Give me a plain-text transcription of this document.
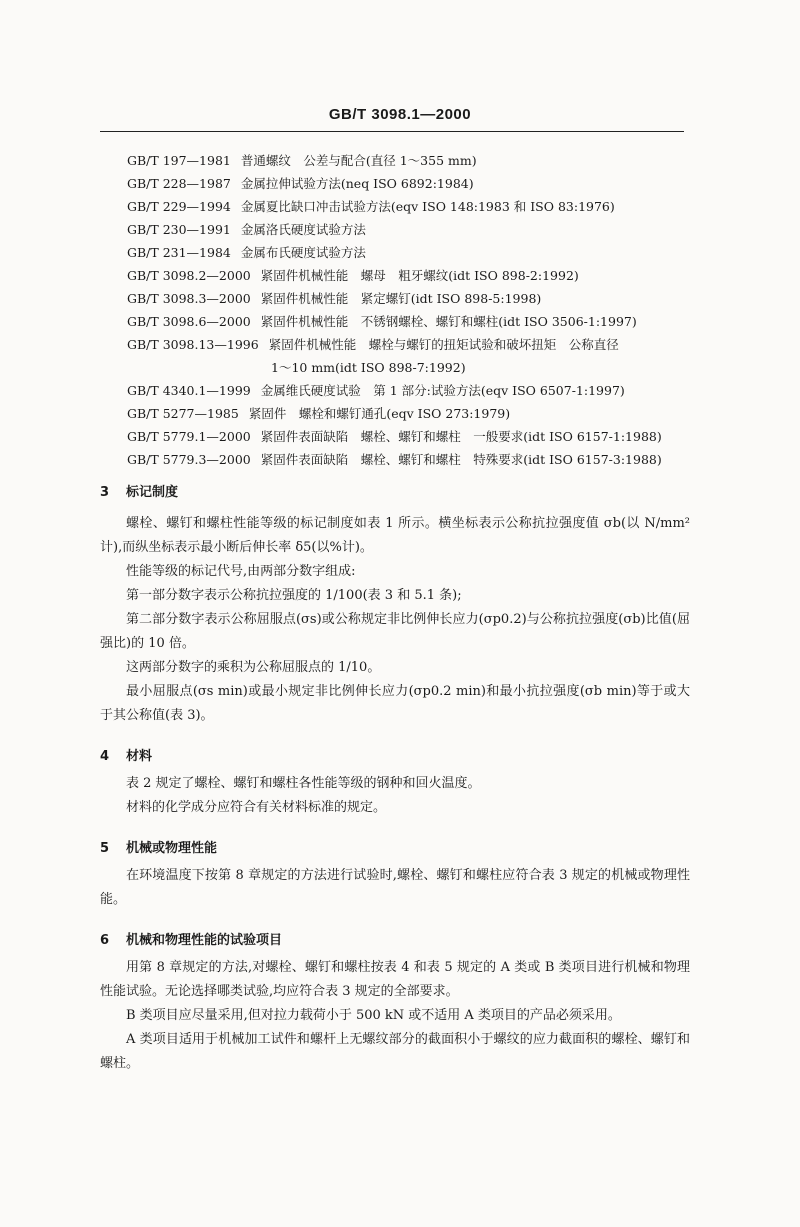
GB/T 3098.1—2000
GB/T 197—1981 普通螺纹　公差与配合(直径 1～355 mm)
GB/T 228—1987 金属拉伸试验方法(neq ISO 6892:1984)
GB/T 229—1994 金属夏比缺口冲击试验方法(eqv ISO 148:1983 和 ISO 83:1976)
GB/T 230—1991 金属洛氏硬度试验方法
GB/T 231—1984 金属布氏硬度试验方法
GB/T 3098.2—2000 紧固件机械性能　螺母　粗牙螺纹(idt ISO 898-2:1992)
GB/T 3098.3—2000 紧固件机械性能　紧定螺钉(idt ISO 898-5:1998)
GB/T 3098.6—2000 紧固件机械性能　不锈钢螺栓、螺钉和螺柱(idt ISO 3506-1:1997)
GB/T 3098.13—1996 紧固件机械性能　螺栓与螺钉的扭矩试验和破坏扭矩　公称直径
1～10 mm(idt ISO 898-7:1992)
GB/T 4340.1—1999 金属维氏硬度试验　第 1 部分:试验方法(eqv ISO 6507-1:1997)
GB/T 5277—1985 紧固件　螺栓和螺钉通孔(eqv ISO 273:1979)
GB/T 5779.1—2000 紧固件表面缺陷　螺栓、螺钉和螺柱　一般要求(idt ISO 6157-1:1988)
GB/T 5779.3—2000 紧固件表面缺陷　螺栓、螺钉和螺柱　特殊要求(idt ISO 6157-3:1988)
3 标记制度

螺栓、螺钉和螺柱性能等级的标记制度如表 1 所示。横坐标表示公称抗拉强度值 σb(以 N/mm² 计),而纵坐标表示最小断后伸长率 δ5(以%计)。

性能等级的标记代号,由两部分数字组成:

第一部分数字表示公称抗拉强度的 1/100(表 3 和 5.1 条);

第二部分数字表示公称屈服点(σs)或公称规定非比例伸长应力(σp0.2)与公称抗拉强度(σb)比值(屈强比)的 10 倍。

这两部分数字的乘积为公称屈服点的 1/10。

最小屈服点(σs min)或最小规定非比例伸长应力(σp0.2 min)和最小抗拉强度(σb min)等于或大于其公称值(表 3)。

4 材料

表 2 规定了螺栓、螺钉和螺柱各性能等级的钢种和回火温度。

材料的化学成分应符合有关材料标准的规定。

5 机械或物理性能

在环境温度下按第 8 章规定的方法进行试验时,螺栓、螺钉和螺柱应符合表 3 规定的机械或物理性能。

6 机械和物理性能的试验项目

用第 8 章规定的方法,对螺栓、螺钉和螺柱按表 4 和表 5 规定的 A 类或 B 类项目进行机械和物理性能试验。无论选择哪类试验,均应符合表 3 规定的全部要求。

B 类项目应尽量采用,但对拉力载荷小于 500 kN 或不适用 A 类项目的产品必须采用。

A 类项目适用于机械加工试件和螺杆上无螺纹部分的截面积小于螺纹的应力截面积的螺栓、螺钉和螺柱。
